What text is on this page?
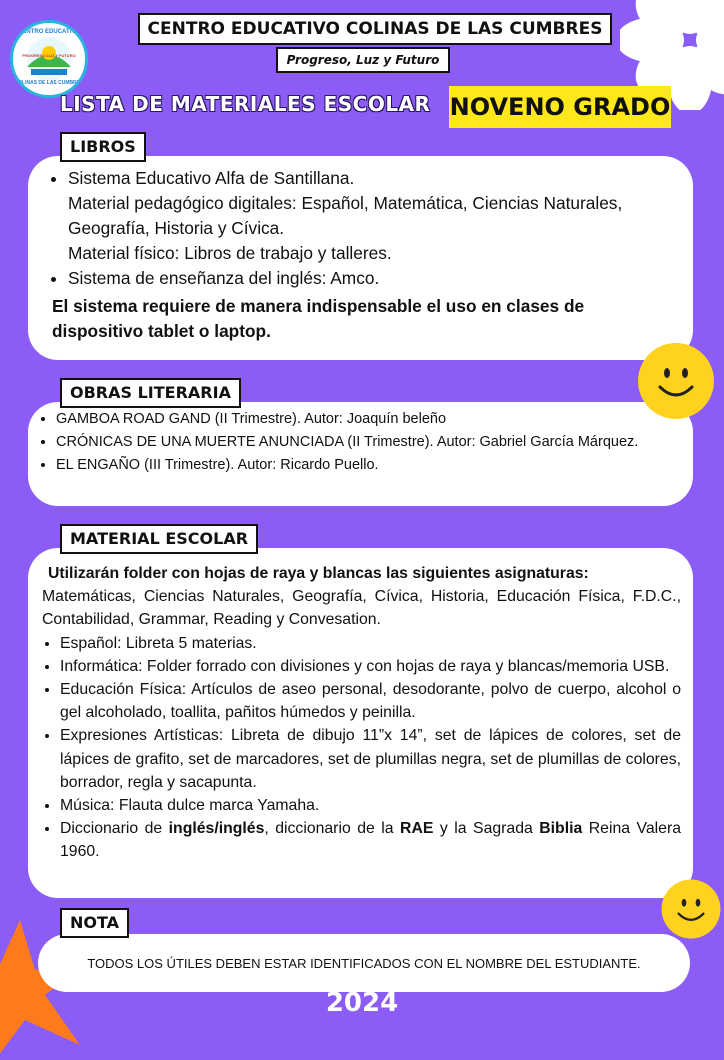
CENTRO EDUCATIVO
PROGRESO LUZ Y FUTURO
COLINAS DE LAS CUMBRES
CENTRO EDUCATIVO COLINAS DE LAS CUMBRES
Progreso, Luz y Futuro
LISTA DE MATERIALES ESCOLAR NOVENO GRADO
LIBROS
• Sistema Educativo Alfa de Santillana.
Material pedagógico digitales: Español, Matemática, Ciencias Naturales, Geografía, Historia y Cívica.
Material físico: Libros de trabajo y talleres.
• Sistema de enseñanza del inglés: Amco.
El sistema requiere de manera indispensable el uso en clases de dispositivo tablet o laptop.
OBRAS LITERARIA
• GAMBOA ROAD GAND (II Trimestre). Autor: Joaquín beleño
• CRÓNICAS DE UNA MUERTE ANUNCIADA (II Trimestre). Autor: Gabriel García Márquez.
• EL ENGAÑO (III Trimestre). Autor: Ricardo Puello.
MATERIAL ESCOLAR
Utilizarán folder con hojas de raya y blancas las siguientes asignaturas:
Matemáticas, Ciencias Naturales, Geografía, Cívica, Historia, Educación Física, F.D.C., Contabilidad, Grammar, Reading y Convesation.
• Español: Libreta 5 materias.
• Informática: Folder forrado con divisiones y con hojas de raya y blancas/memoria USB.
• Educación Física: Artículos de aseo personal, desodorante, polvo de cuerpo, alcohol o gel alcoholado, toallita, pañitos húmedos y peinilla.
• Expresiones Artísticas: Libreta de dibujo 11”x 14”, set de lápices de colores, set de lápices de grafito, set de marcadores, set de plumillas negra, set de plumillas de colores, borrador, regla y sacapunta.
• Música: Flauta dulce marca Yamaha.
• Diccionario de inglés/inglés, diccionario de la RAE y la Sagrada Biblia Reina Valera 1960.
NOTA
TODOS LOS ÚTILES DEBEN ESTAR IDENTIFICADOS CON EL NOMBRE DEL ESTUDIANTE.
2024
